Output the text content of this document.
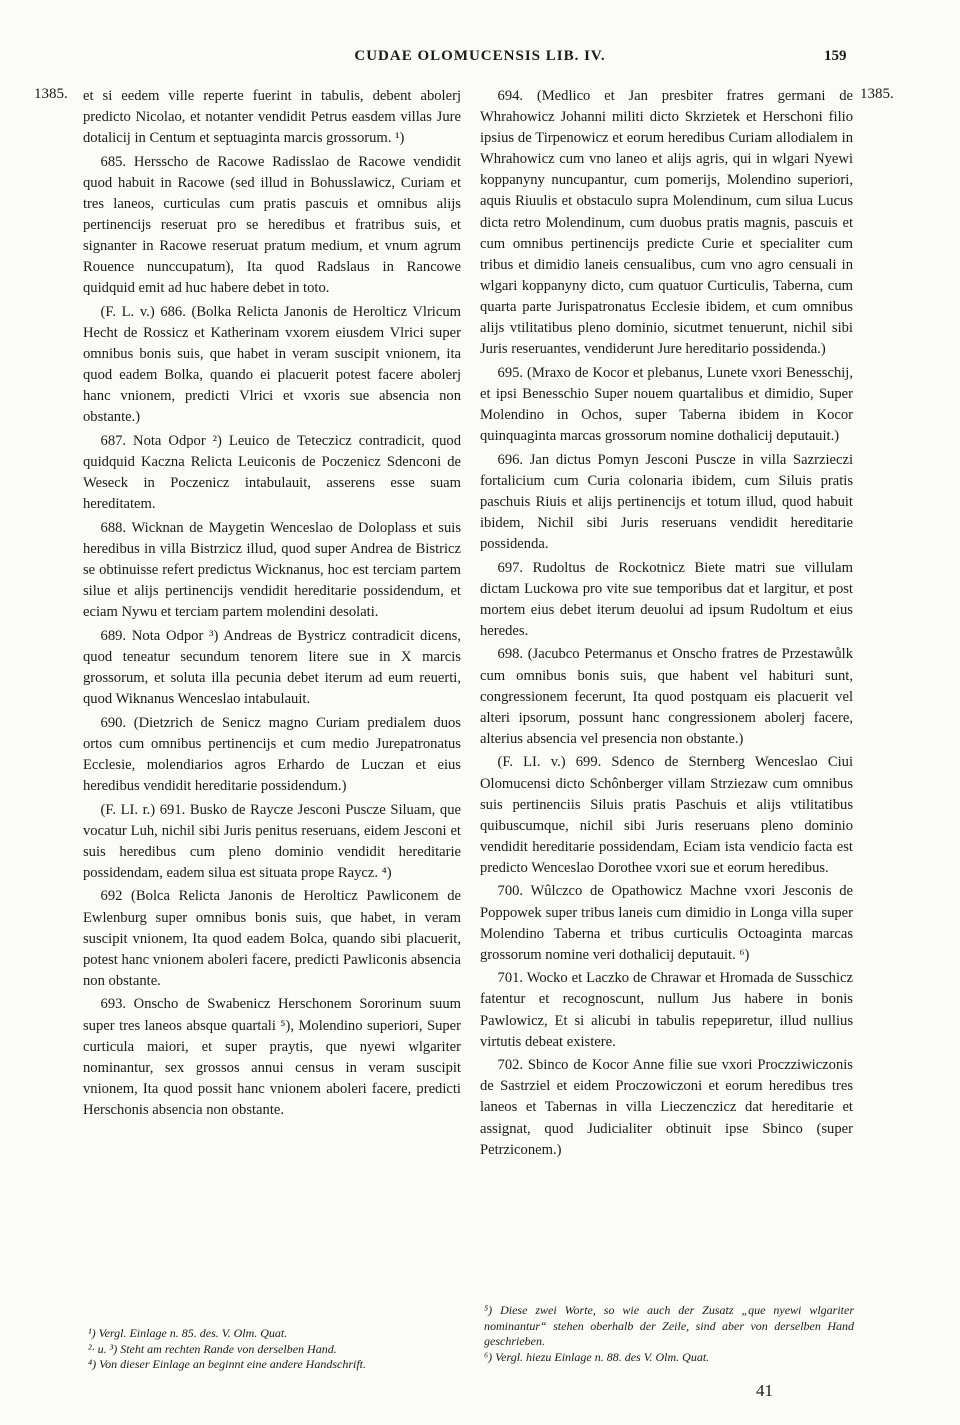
CUDAE OLOMUCENSIS LIB. IV.	159
1385.	1385.

et si eedem ville reperte fuerint in tabulis, debent abolerj predicto Nicolao, et notanter vendidit Petrus easdem villas Jure dotalicij in Centum et septuaginta marcis grossorum. ¹)

685. Hersscho de Racowe Radisslao de Racowe vendidit quod habuit in Racowe (sed illud in Bohusslawicz, Curiam et tres laneos, curticulas cum pratis pascuis et omnibus alijs pertinencijs reseruat pro se heredibus et fratribus suis, et signanter in Racowe reseruat pratum medium, et vnum agrum Rouence nunccupatum), Ita quod Radslaus in Rancowe quidquid emit ad huc habere debet in toto.

(F. L. v.) 686. (Bolka Relicta Janonis de Herolticz Vlricum Hecht de Rossicz et Katherinam vxorem eiusdem Vlrici super omnibus bonis suis, que habet in veram suscipit vnionem, ita quod eadem Bolka, quando ei placuerit potest facere abolerj hanc vnionem, predicti Vlrici et vxoris sue absencia non obstante.)

687. Nota Odpor ²) Leuico de Teteczicz contradicit, quod quidquid Kaczna Relicta Leuiconis de Poczenicz Sdenconi de Weseck in Poczenicz intabulauit, asserens esse suam hereditatem.

688. Wicknan de Maygetin Wenceslao de Doloplass et suis heredibus in villa Bistrzicz illud, quod super Andrea de Bistricz se obtinuisse refert predictus Wicknanus, hoc est terciam partem silue et alijs pertinencijs vendidit hereditarie possidendum, et eciam Nywu et terciam partem molendini desolati.

689. Nota Odpor ³) Andreas de Bystricz contradicit dicens, quod teneatur secundum tenorem litere sue in X marcis grossorum, et soluta illa pecunia debet iterum ad eum reuerti, quod Wiknanus Wenceslao intabulauit.

690. (Dietzrich de Senicz magno Curiam predialem duos ortos cum omnibus pertinencijs et cum medio Jurepatronatus Ecclesie, molendiarios agros Erhardo de Luczan et eius heredibus vendidit hereditarie possidendum.)

(F. LI. r.) 691. Busko de Raycze Jesconi Puscze Siluam, que vocatur Luh, nichil sibi Juris penitus reseruans, eidem Jesconi et suis heredibus cum pleno dominio vendidit hereditarie possidendam, eadem silua est situata prope Raycz. ⁴)

692 (Bolca Relicta Janonis de Herolticz Pawliconem de Ewlenburg super omnibus bonis suis, que habet, in veram suscipit vnionem, Ita quod eadem Bolca, quando sibi placuerit, potest hanc vnionem aboleri facere, predicti Pawliconis absencia non obstante.

693. Onscho de Swabenicz Herschonem Sororinum suum super tres laneos absque quartali ⁵), Molendino superiori, Super curticula maiori, et super praytis, que nyewi wlgariter nominantur, sex grossos annui census in veram suscipit vnionem, Ita quod possit hanc vnionem aboleri facere, predicti Herschonis absencia non obstante.

694. (Medlico et Jan presbiter fratres germani de Whrahowicz Johanni militi dicto Skrzietek et Herschoni filio ipsius de Tirpenowicz et eorum heredibus Curiam allodialem in Whrahowicz cum vno laneo et alijs agris, qui in wlgari Nyewi koppanyny nuncupantur, cum pomerijs, Molendino superiori, aquis Riuulis et obstaculo supra Molendinum, cum silua Lucus dicta retro Molendinum, cum duobus pratis magnis, pascuis et cum omnibus pertinencijs predicte Curie et specialiter cum tribus et dimidio laneis censualibus, cum vno agro censuali in wlgari koppanyny dicto, cum quatuor Curticulis, Taberna, cum quarta parte Jurispatronatus Ecclesie ibidem, et cum omnibus alijs vtilitatibus pleno dominio, sicutmet tenuerunt, nichil sibi Juris reseruantes, vendiderunt Jure hereditario possidenda.)

695. (Mraxo de Kocor et plebanus, Lunete vxori Benesschij, et ipsi Benesschio Super nouem quartalibus et dimidio, Super Molendino in Ochos, super Taberna ibidem in Kocor quinquaginta marcas grossorum nomine dothalicij deputauit.)

696. Jan dictus Pomyn Jesconi Puscze in villa Sazrzieczi fortalicium cum Curia colonaria ibidem, cum Siluis pratis paschuis Riuis et alijs pertinencijs et totum illud, quod habuit ibidem, Nichil sibi Juris reseruans vendidit hereditarie possidenda.

697. Rudoltus de Rockotnicz Biete matri sue villulam dictam Luckowa pro vite sue temporibus dat et largitur, et post mortem eius debet iterum deuolui ad ipsum Rudoltum et eius heredes.

698. (Jacubco Petermanus et Onscho fratres de Przestawůlk cum omnibus bonis suis, que habent vel habituri sunt, congressionem fecerunt, Ita quod postquam eis placuerit vel alteri ipsorum, possunt hanc congressionem abolerj facere, alterius absencia vel presencia non obstante.)

(F. LI. v.) 699. Sdenco de Sternberg Wenceslao Ciui Olomucensi dicto Schônberger villam Strziezaw cum omnibus suis pertinenciis Siluis pratis Paschuis et alijs vtilitatibus quibuscumque, nichil sibi Juris reseruans pleno dominio vendidit hereditarie possidendam, Eciam ista vendicio facta est predicto Wenceslao Dorothee vxori sue et eorum heredibus.

700. Wûlczco de Opathowicz Machne vxori Jesconis de Poppowek super tribus laneis cum dimidio in Longa villa super Molendino Taberna et tribus curticulis Octoaginta marcas grossorum nomine veri dothalicij deputauit. ⁶)

701. Wocko et Laczko de Chrawar et Hromada de Susschicz fatentur et recognoscunt, nullum Jus habere in bonis Pawlowicz, Et si alicubi in tabulis repериretur, illud nullius virtutis debeat existere.

702. Sbinco de Kocor Anne filie sue vxori Proczziwiczonis de Sastrziel et eidem Proczowiczoni et eorum heredibus tres laneos et Tabernas in villa Lieczenczicz dat hereditarie et assignat, quod Judicialiter obtinuit ipse Sbinco (super Petrziconem.)

¹) Vergl. Einlage n. 85. des. V. Olm. Quat.

²· u. ³) Steht am rechten Rande von derselben Hand.

⁴) Von dieser Einlage an beginnt eine andere Handschrift.

⁵) Diese zwei Worte, so wie auch der Zusatz „que nyewi wlgariter nominantur“ stehen oberhalb der Zeile, sind aber von derselben Hand geschrieben.

⁶) Vergl. hiezu Einlage n. 88. des V. Olm. Quat.

41
